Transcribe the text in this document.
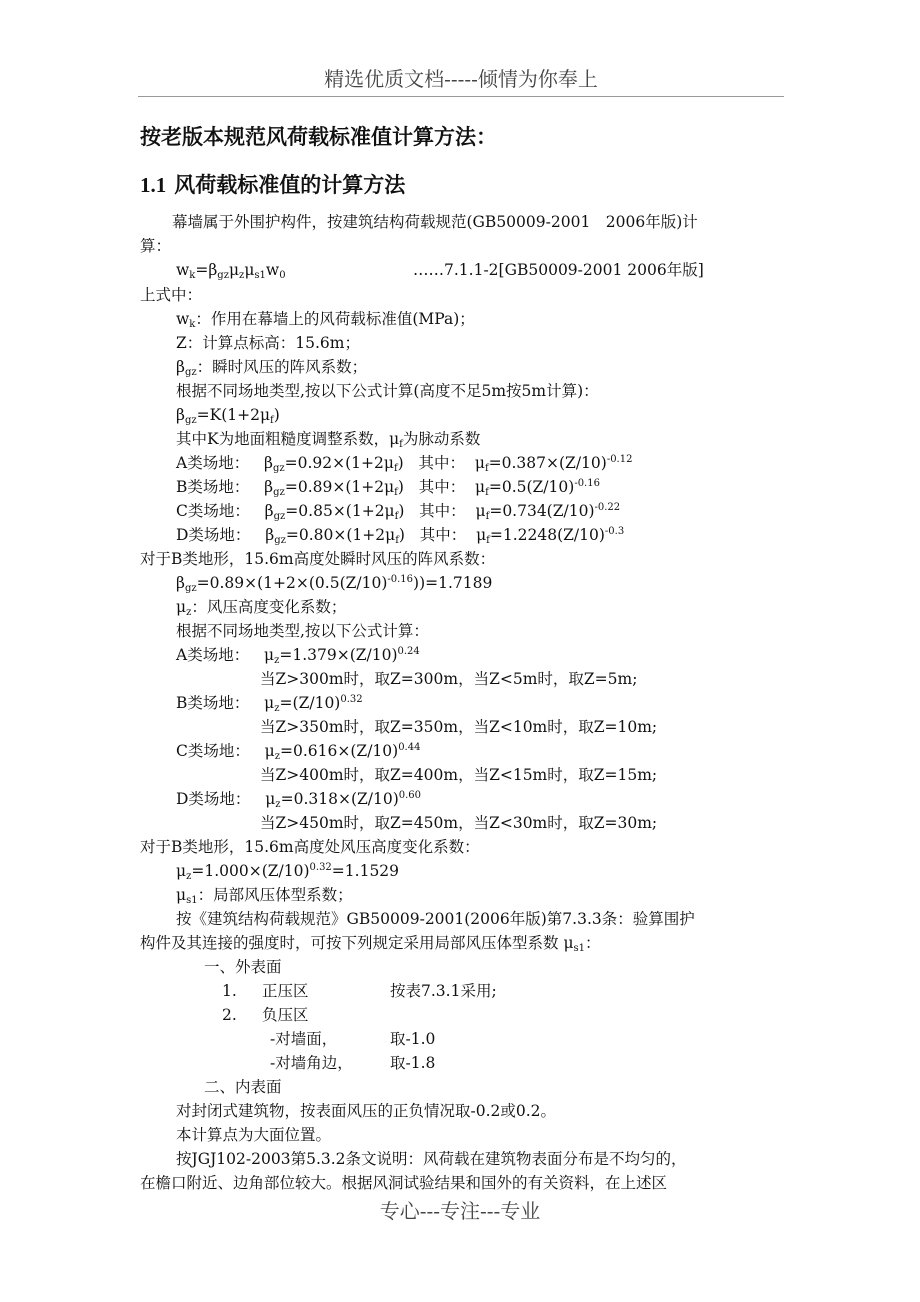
精选优质文档-----倾情为你奉上
按老版本规范风荷载标准值计算方法：
1.1 风荷载标准值的计算方法
幕墙属于外围护构件，按建筑结构荷载规范(GB50009-2001　2006年版)计
算：
$w_k=\beta_{gz}\mu_z\mu_{s1}w_0$	……7.1.1-2[GB50009-2001 2006年版]
上式中：
$w_k$：作用在幕墙上的风荷载标准值(MPa)；
Z：计算点标高：15.6m；
$\beta_{gz}$：瞬时风压的阵风系数；
根据不同场地类型,按以下公式计算(高度不足5m按5m计算)：
$\beta_{gz}=K(1+2\mu_f)$
其中K为地面粗糙度调整系数，$\mu_f$为脉动系数
A类场地：   $\beta_{gz}=0.92\times(1+2\mu_f)$   其中：  $\mu_f=0.387\times(Z/10)^{-0.12}$
B类场地：   $\beta_{gz}=0.89\times(1+2\mu_f)$   其中：  $\mu_f=0.5(Z/10)^{-0.16}$
C类场地：   $\beta_{gz}=0.85\times(1+2\mu_f)$   其中：  $\mu_f=0.734(Z/10)^{-0.22}$
D类场地：   $\beta_{gz}=0.80\times(1+2\mu_f)$   其中：  $\mu_f=1.2248(Z/10)^{-0.3}$
对于B类地形，15.6m高度处瞬时风压的阵风系数：
$\beta_{gz}=0.89\times(1+2\times(0.5(Z/10)^{-0.16}))=1.7189$
$\mu_z$：风压高度变化系数；
根据不同场地类型,按以下公式计算：
A类场地：   $\mu_z=1.379\times(Z/10)^{0.24}$
当Z>300m时，取Z=300m，当Z<5m时，取Z=5m;
B类场地：   $\mu_z=(Z/10)^{0.32}$
当Z>350m时，取Z=350m，当Z<10m时，取Z=10m;
C类场地：   $\mu_z=0.616\times(Z/10)^{0.44}$
当Z>400m时，取Z=400m，当Z<15m时，取Z=15m;
D类场地：   $\mu_z=0.318\times(Z/10)^{0.60}$
当Z>450m时，取Z=450m，当Z<30m时，取Z=30m;
对于B类地形，15.6m高度处风压高度变化系数：
$\mu_z=1.000\times(Z/10)^{0.32}=1.1529$
$\mu_{s1}$：局部风压体型系数；
按《建筑结构荷载规范》GB50009-2001(2006年版)第7.3.3条：验算围护
构件及其连接的强度时，可按下列规定采用局部风压体型系数 $\mu_{s1}$：
一、外表面
1. 正压区	按表7.3.1采用;
2. 负压区
-对墙面，	取-1.0
-对墙角边， 取-1.8
二、内表面
对封闭式建筑物，按表面风压的正负情况取-0.2或0.2。
本计算点为大面位置。
按JGJ102-2003第5.3.2条文说明：风荷载在建筑物表面分布是不均匀的，
在檐口附近、边角部位较大。根据风洞试验结果和国外的有关资料，在上述区
专心---专注---专业
